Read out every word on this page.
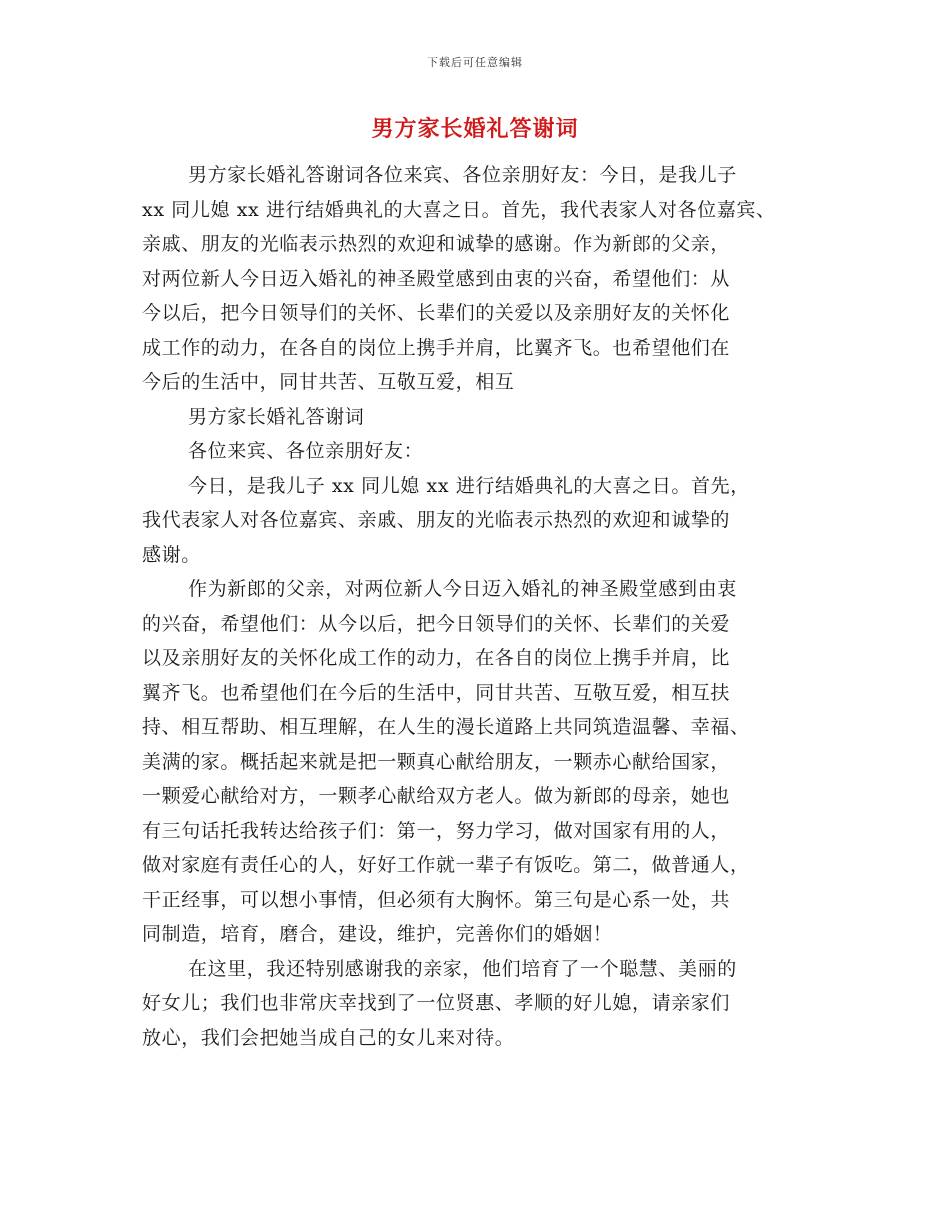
下载后可任意编辑
男方家长婚礼答谢词
男方家长婚礼答谢词各位来宾、各位亲朋好友：今日，是我儿子
xx 同儿媳 xx 进行结婚典礼的大喜之日。首先，我代表家人对各位嘉宾、
亲戚、朋友的光临表示热烈的欢迎和诚挚的感谢。作为新郎的父亲，
对两位新人今日迈入婚礼的神圣殿堂感到由衷的兴奋，希望他们：从
今以后，把今日领导们的关怀、长辈们的关爱以及亲朋好友的关怀化
成工作的动力，在各自的岗位上携手并肩，比翼齐飞。也希望他们在
今后的生活中，同甘共苦、互敬互爱，相互
男方家长婚礼答谢词
各位来宾、各位亲朋好友：
今日，是我儿子 xx 同儿媳 xx 进行结婚典礼的大喜之日。首先，
我代表家人对各位嘉宾、亲戚、朋友的光临表示热烈的欢迎和诚挚的
感谢。
作为新郎的父亲，对两位新人今日迈入婚礼的神圣殿堂感到由衷
的兴奋，希望他们：从今以后，把今日领导们的关怀、长辈们的关爱
以及亲朋好友的关怀化成工作的动力，在各自的岗位上携手并肩，比
翼齐飞。也希望他们在今后的生活中，同甘共苦、互敬互爱，相互扶
持、相互帮助、相互理解，在人生的漫长道路上共同筑造温馨、幸福、
美满的家。概括起来就是把一颗真心献给朋友，一颗赤心献给国家，
一颗爱心献给对方，一颗孝心献给双方老人。做为新郎的母亲，她也
有三句话托我转达给孩子们：第一，努力学习，做对国家有用的人，
做对家庭有责任心的人，好好工作就一辈子有饭吃。第二，做普通人，
干正经事，可以想小事情，但必须有大胸怀。第三句是心系一处，共
同制造，培育，磨合，建设，维护，完善你们的婚姻！
在这里，我还特别感谢我的亲家，他们培育了一个聪慧、美丽的
好女儿；我们也非常庆幸找到了一位贤惠、孝顺的好儿媳，请亲家们
放心，我们会把她当成自己的女儿来对待。
